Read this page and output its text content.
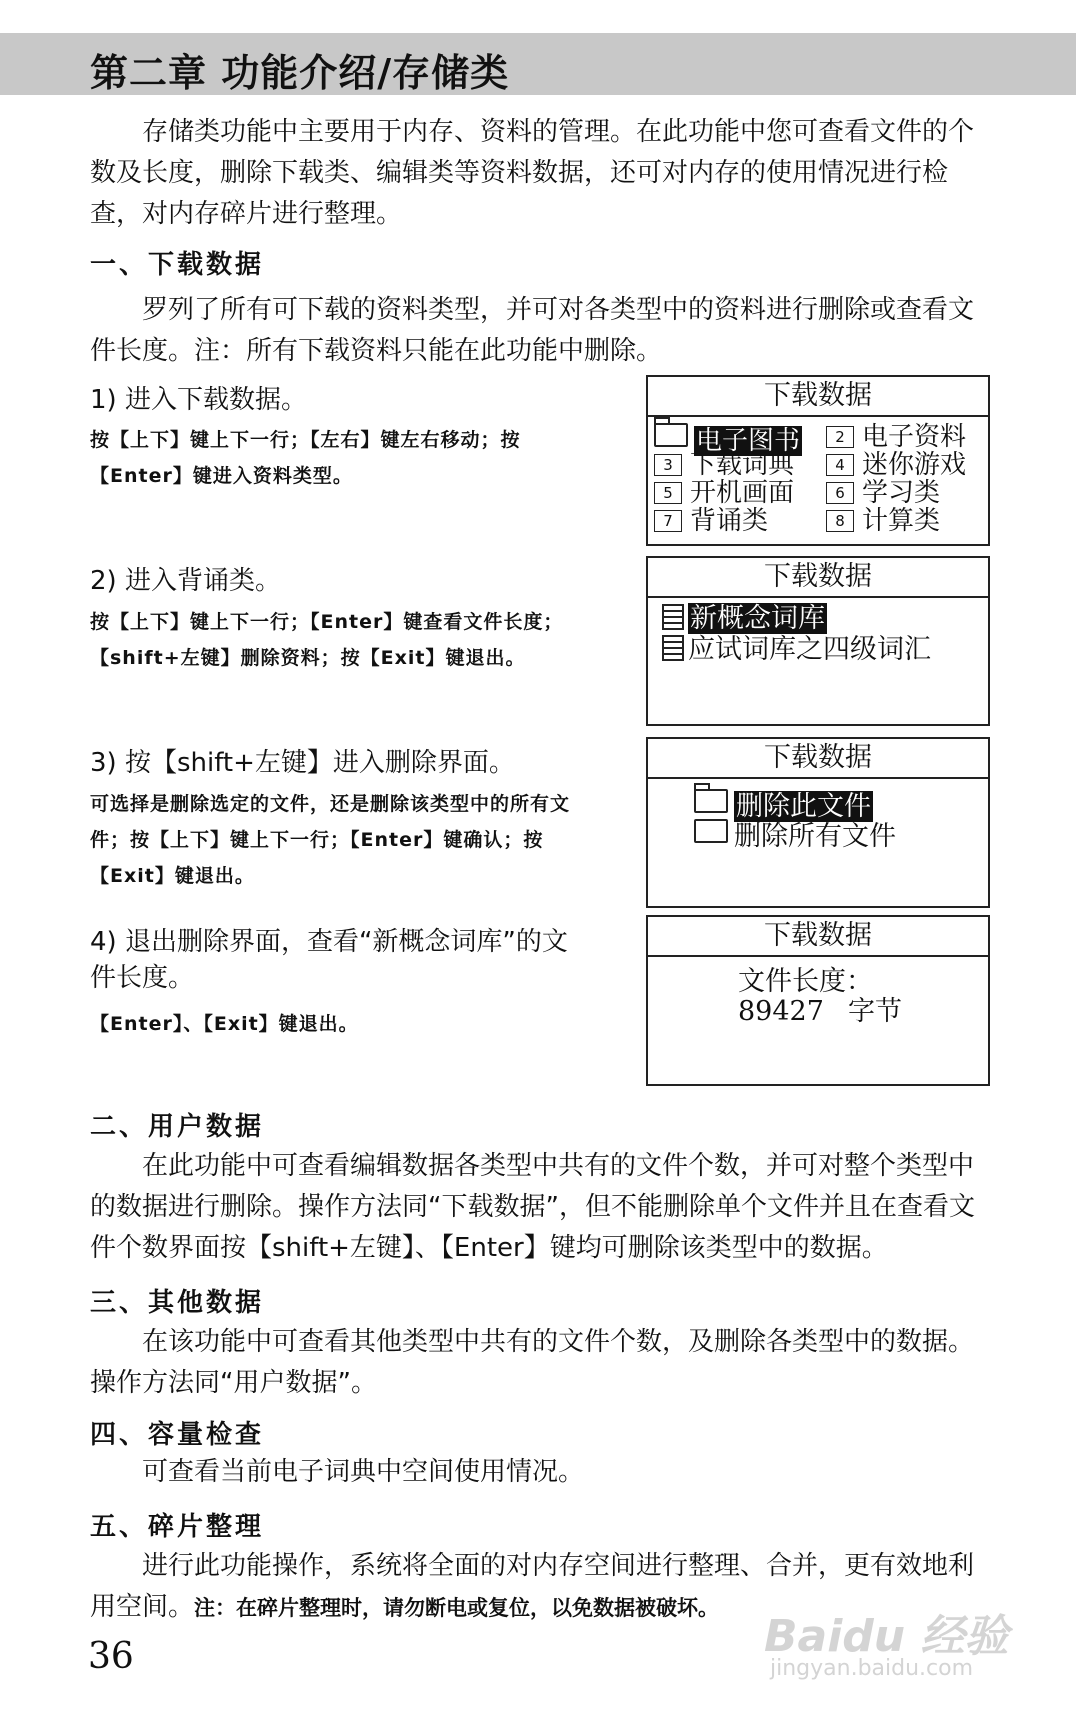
第二章 功能介绍/存储类

存储类功能中主要用于内存、资料的管理。在此功能中您可查看文件的个数及长度，删除下载类、编辑类等资料数据，还可对内存的使用情况进行检查，对内存碎片进行整理。

一、下载数据

罗列了所有可下载的资料类型，并可对各类型中的资料进行删除或查看文件长度。注：所有下载资料只能在此功能中删除。

1) 进入下载数据。
按【上下】键上下一行；【左右】键左右移动；按【Enter】键进入资料类型。
下载数据
电子图书	2 电子资料
3 下载词典	4 迷你游戏
5 开机画面	6 学习类
7 背诵类	8 计算类
2) 进入背诵类。
按【上下】键上下一行；【Enter】键查看文件长度；【shift+左键】删除资料；按【Exit】键退出。
下载数据
新概念词库
应试词库之四级词汇
3) 按【shift+左键】进入删除界面。
可选择是删除选定的文件，还是删除该类型中的所有文件；按【上下】键上下一行；【Enter】键确认；按【Exit】键退出。
下载数据
删除此文件
删除所有文件
4) 退出删除界面，查看“新概念词库”的文件长度。
【Enter】、【Exit】键退出。
下载数据
文件长度：
89427 字节
二、用户数据

在此功能中可查看编辑数据各类型中共有的文件个数，并可对整个类型中的数据进行删除。操作方法同“下载数据”，但不能删除单个文件并且在查看文件个数界面按【shift+左键】、【Enter】键均可删除该类型中的数据。

三、其他数据

在该功能中可查看其他类型中共有的文件个数，及删除各类型中的数据。操作方法同“用户数据”。

四、容量检查

可查看当前电子词典中空间使用情况。

五、碎片整理

进行此功能操作，系统将全面的对内存空间进行整理、合并，更有效地利用空间。注：在碎片整理时，请勿断电或复位，以免数据被破坏。

36	Baidu 经验
jingyan.baidu.com
